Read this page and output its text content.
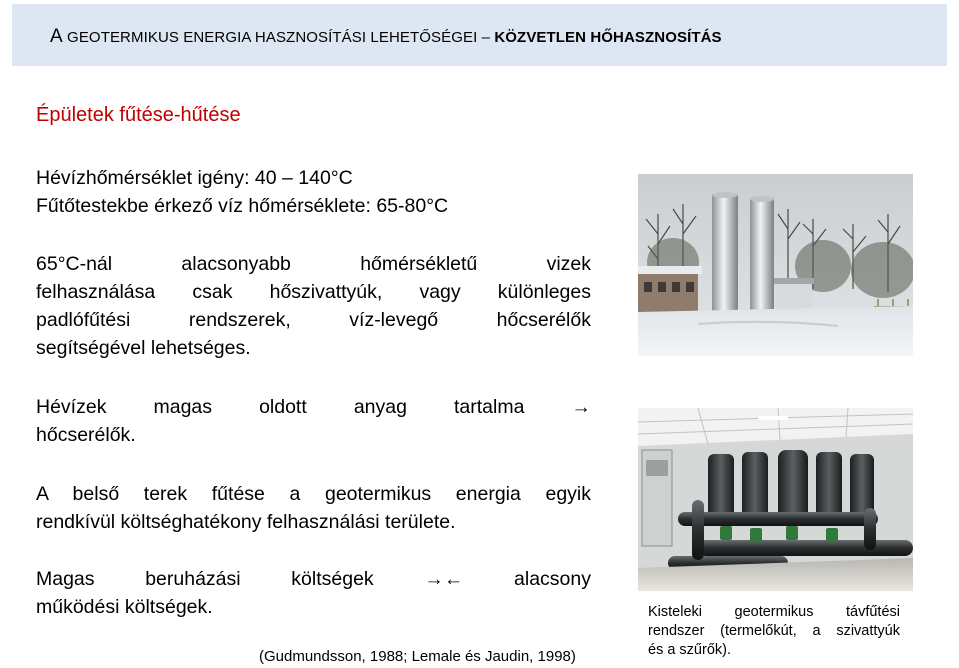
A GEOTERMIKUS ENERGIA HASZNOSÍTÁSI LEHETŐSÉGEI – KÖZVETLEN HŐHASZNOSÍTÁS
Épületek fűtése-hűtése
Hévízhőmérséklet igény: 40 – 140°C
Fűtőtestekbe érkező víz hőmérséklete: 65-80°C
65°C-nál alacsonyabb hőmérsékletű vizek
felhasználása csak hőszivattyúk, vagy különleges
padlófűtési rendszerek, víz-levegő hőcserélők
segítségével lehetséges.
Hévízek magas oldott anyag tartalma →
hőcserélők.
A belső terek fűtése a geotermikus energia egyik
rendkívül költséghatékony felhasználási területe.
Magas beruházási költségek →← alacsony
működési költségek.	Kisteleki geotermikus távfűtési
rendszer (termelőkút, a szivattyúk
és a szűrők).
(Gudmundsson, 1988; Lemale és Jaudin, 1998)
